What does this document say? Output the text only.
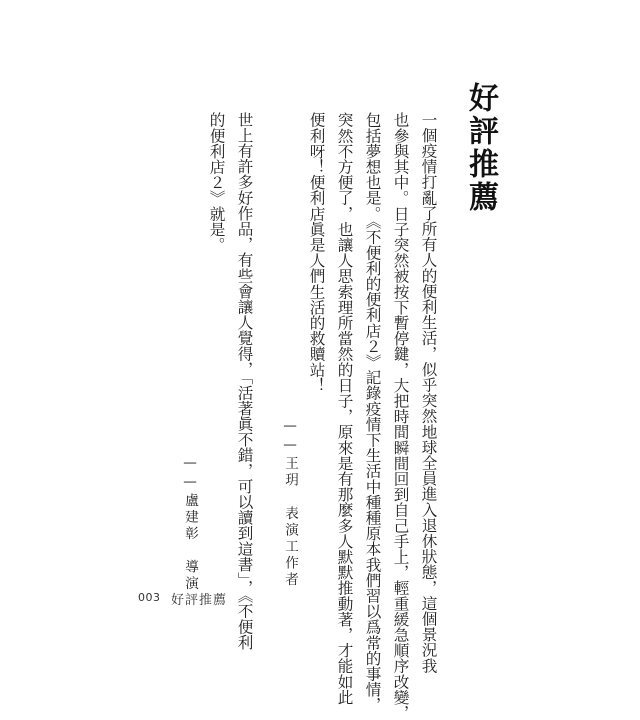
好評推薦
　一個疫情打亂了所有人的便利生活，似乎突然地球全員進入退休狀態，這個景況我
也參與其中。日子突然被按下暫停鍵，大把時間瞬間回到自己手上，輕重緩急順序改變，
包括夢想也是。《不便利的便利店２》記錄疫情下生活中種種原本我們習以爲常的事情，
突然不方便了，也讓人思索理所當然的日子，原來是有那麼多人默默推動著，才能如此
便利呀！便利店眞是人們生活的救贖站！
——王玥　表演工作者
　世上有許多好作品，有些會讓人覺得，「活著眞不錯，可以讀到這書」，《不便利
的便利店２》就是。
——盧建彰　導演
003 好評推薦
